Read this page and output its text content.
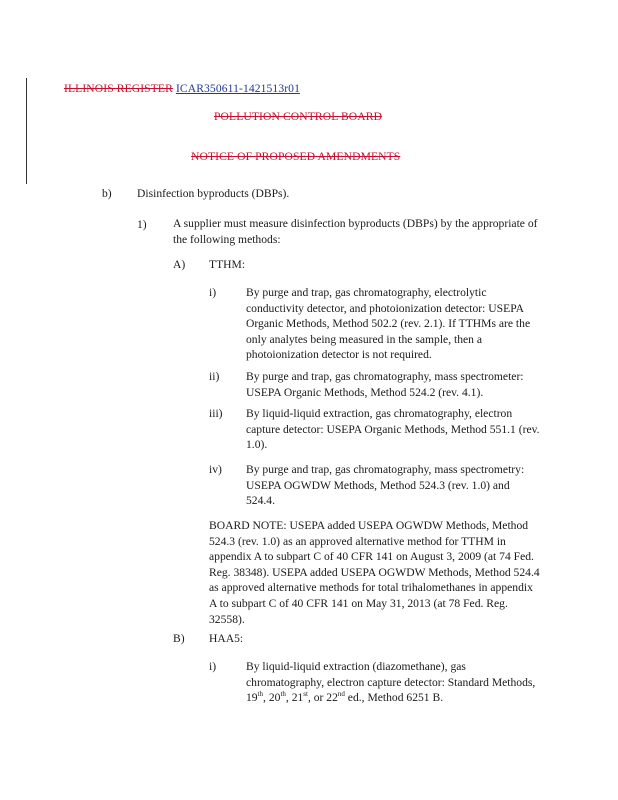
ILLINOIS REGISTER ICAR350611-1421513r01
POLLUTION CONTROL BOARD
NOTICE OF PROPOSED AMENDMENTS
b) Disinfection byproducts (DBPs).
1) A supplier must measure disinfection byproducts (DBPs) by the appropriate of the following methods:
A) TTHM:
i)	By purge and trap, gas chromatography, electrolytic conductivity detector, and photoionization detector: USEPA Organic Methods, Method 502.2 (rev. 2.1). If TTHMs are the only analytes being measured in the sample, then a photoionization detector is not required.
ii) By purge and trap, gas chromatography, mass spectrometer: USEPA Organic Methods, Method 524.2 (rev. 4.1).
iii) By liquid-liquid extraction, gas chromatography, electron capture detector: USEPA Organic Methods, Method 551.1 (rev. 1.0).
iv) By purge and trap, gas chromatography, mass spectrometry: USEPA OGWDW Methods, Method 524.3 (rev. 1.0) and 524.4.
BOARD NOTE: USEPA added USEPA OGWDW Methods, Method 524.3 (rev. 1.0) as an approved alternative method for TTHM in appendix A to subpart C of 40 CFR 141 on August 3, 2009 (at 74 Fed. Reg. 38348). USEPA added USEPA OGWDW Methods, Method 524.4 as approved alternative methods for total trihalomethanes in appendix A to subpart C of 40 CFR 141 on May 31, 2013 (at 78 Fed. Reg. 32558).
B) HAA5:
i)	By liquid-liquid extraction (diazomethane), gas chromatography, electron capture detector: Standard Methods, 19th, 20th, 21st, or 22nd ed., Method 6251 B.
